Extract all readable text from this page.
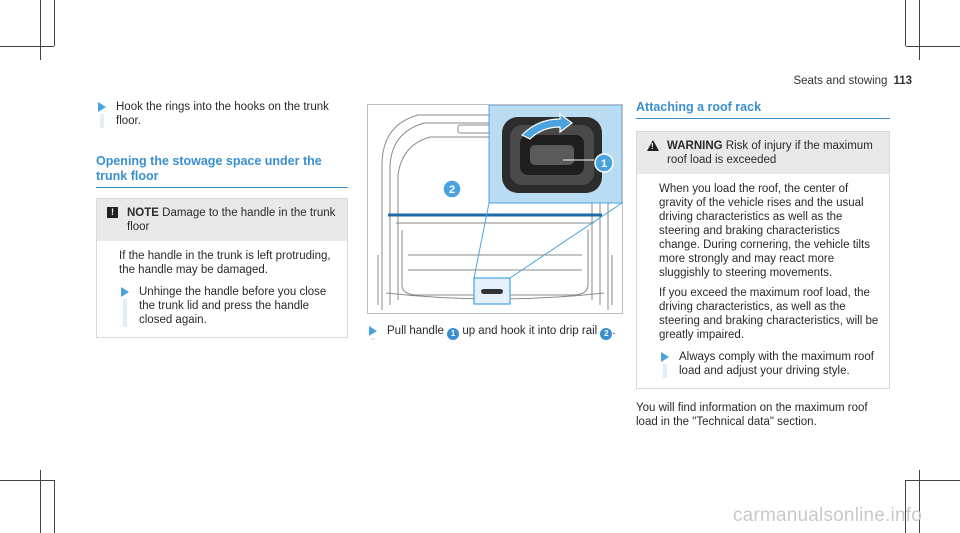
Seats and stowing 113
Hook the rings into the hooks on the trunk floor.
Opening the stowage space under the trunk floor
!	NOTE Damage to the handle in the trunk floor

If the handle in the trunk is left protruding, the handle may be damaged.

Unhinge the handle before you close the trunk lid and press the handle closed again.
1
2
Pull handle 1 up and hook it into drip rail 2 .
Attaching a roof rack
! WARNING Risk of injury if the maximum roof load is exceeded

When you load the roof, the center of gravity of the vehicle rises and the usual driving characteristics as well as the steering and braking characteristics change. During cornering, the vehicle tilts more strongly and may react more sluggishly to steering movements.

If you exceed the maximum roof load, the driving characteristics, as well as the steering and braking characteristics, will be greatly impaired.

Always comply with the maximum roof load and adjust your driving style.

You will find information on the maximum roof load in the "Technical data" section.

carmanualsonline.info
